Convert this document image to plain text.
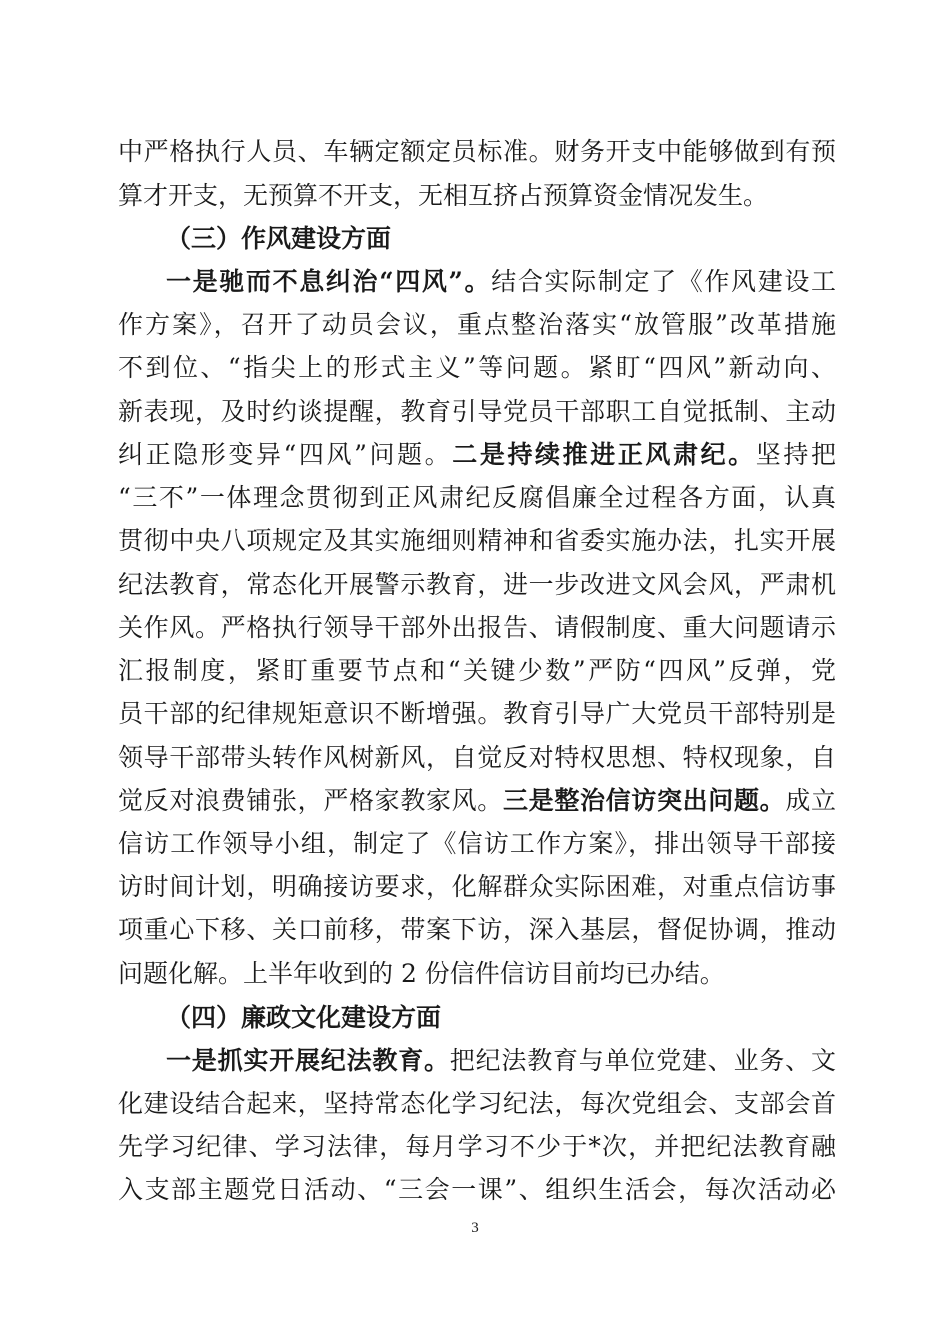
中严格执行人员、车辆定额定员标准。财务开支中能够做到有预

算才开支，无预算不开支，无相互挤占预算资金情况发生。

（三）作风建设方面

一是驰而不息纠治“四风”。结合实际制定了《作风建设工

作方案》，召开了动员会议，重点整治落实“放管服”改革措施

不到位、“指尖上的形式主义”等问题。紧盯“四风”新动向、

新表现，及时约谈提醒，教育引导党员干部职工自觉抵制、主动

纠正隐形变异“四风”问题。二是持续推进正风肃纪。坚持把

“三不”一体理念贯彻到正风肃纪反腐倡廉全过程各方面，认真

贯彻中央八项规定及其实施细则精神和省委实施办法，扎实开展

纪法教育，常态化开展警示教育，进一步改进文风会风，严肃机

关作风。严格执行领导干部外出报告、请假制度、重大问题请示

汇报制度，紧盯重要节点和“关键少数”严防“四风”反弹，党

员干部的纪律规矩意识不断增强。教育引导广大党员干部特别是

领导干部带头转作风树新风，自觉反对特权思想、特权现象，自

觉反对浪费铺张，严格家教家风。三是整治信访突出问题。成立

信访工作领导小组，制定了《信访工作方案》，排出领导干部接

访时间计划，明确接访要求，化解群众实际困难，对重点信访事

项重心下移、关口前移，带案下访，深入基层，督促协调，推动

问题化解。上半年收到的 2 份信件信访目前均已办结。

（四）廉政文化建设方面

一是抓实开展纪法教育。把纪法教育与单位党建、业务、文

化建设结合起来，坚持常态化学习纪法，每次党组会、支部会首

先学习纪律、学习法律，每月学习不少于*次，并把纪法教育融

入支部主题党日活动、“三会一课”、组织生活会，每次活动必

3
